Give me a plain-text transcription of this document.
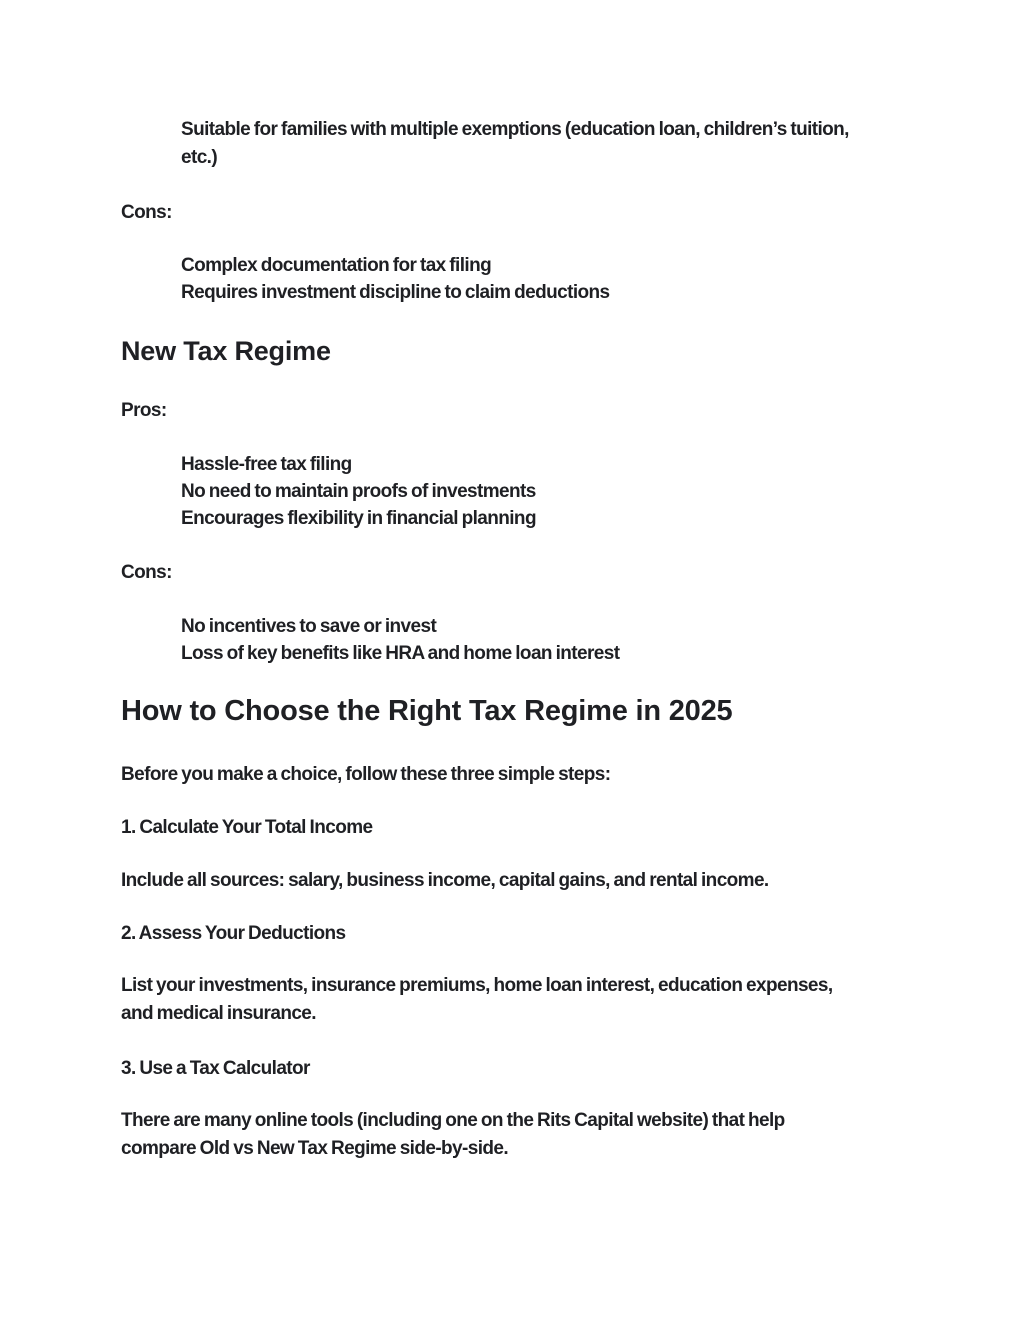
Suitable for families with multiple exemptions (education loan, children’s tuition, etc.)

Cons:

Complex documentation for tax filing
Requires investment discipline to claim deductions
New Tax Regime

Pros:

Hassle-free tax filing
No need to maintain proofs of investments
Encourages flexibility in financial planning

Cons:

No incentives to save or invest
Loss of key benefits like HRA and home loan interest
How to Choose the Right Tax Regime in 2025

Before you make a choice, follow these three simple steps:

1. Calculate Your Total Income

Include all sources: salary, business income, capital gains, and rental income.

2. Assess Your Deductions

List your investments, insurance premiums, home loan interest, education expenses, and medical insurance.

3. Use a Tax Calculator

There are many online tools (including one on the Rits Capital website) that help compare Old vs New Tax Regime side-by-side.
